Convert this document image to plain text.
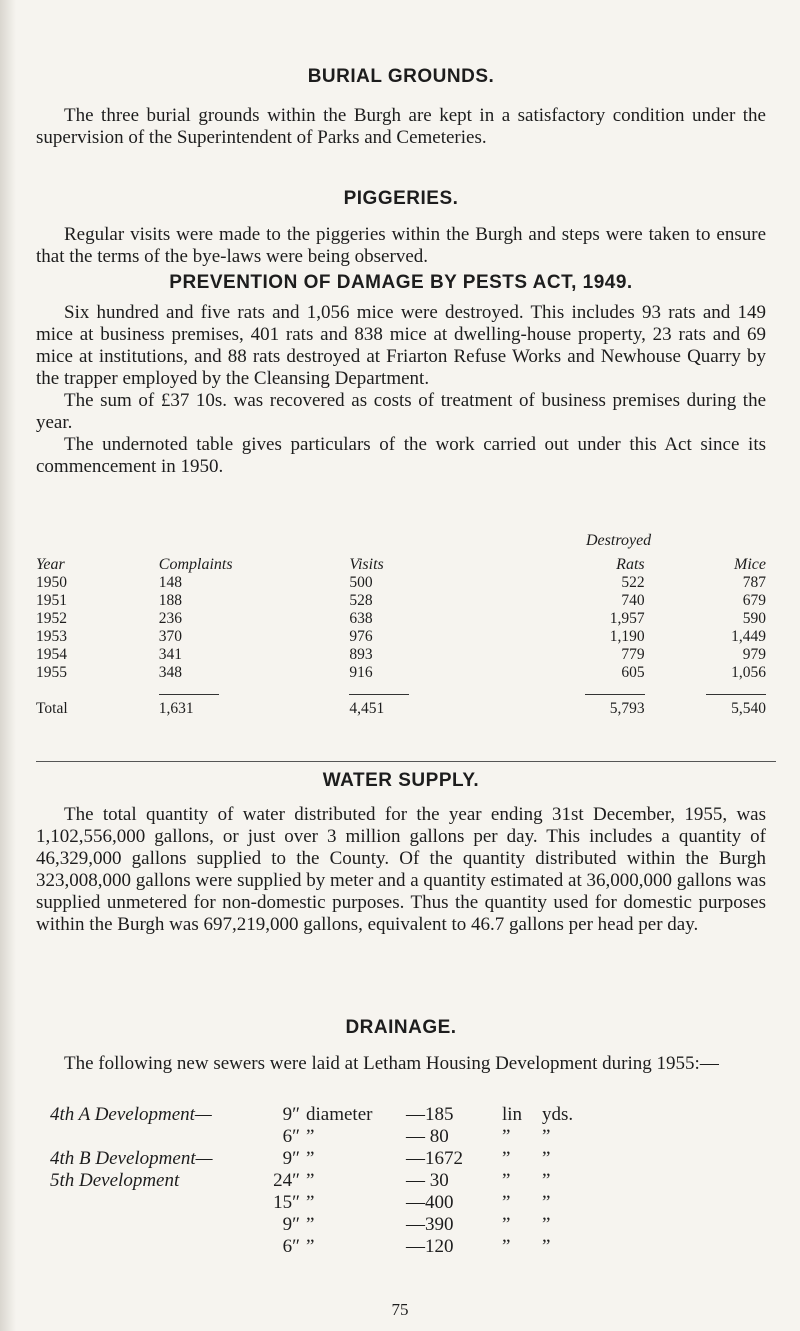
BURIAL GROUNDS.

The three burial grounds within the Burgh are kept in a satisfactory condition under the supervision of the Superintendent of Parks and Cemeteries.

PIGGERIES.

Regular visits were made to the piggeries within the Burgh and steps were taken to ensure that the terms of the bye-laws were being observed.

PREVENTION OF DAMAGE BY PESTS ACT, 1949.

Six hundred and five rats and 1,056 mice were destroyed. This includes 93 rats and 149 mice at business premises, 401 rats and 838 mice at dwelling-house property, 23 rats and 69 mice at institutions, and 88 rats destroyed at Friarton Refuse Works and Newhouse Quarry by the trapper employed by the Cleansing Department.

The sum of £37 10s. was recovered as costs of treatment of business premises during the year.

The undernoted table gives particulars of the work carried out under this Act since its commencement in 1950.

Destroyed
Year	Complaints	Visits	Rats	Mice
1950	148	500	522	787
1951	188	528	740	679
1952	236	638	1,957	590
1953	370	976	1,190	1,449
1954	341	893	779	979
1955	348	916	605	1,056

Total	1,631	4,451	5,793	5,540
WATER SUPPLY.

The total quantity of water distributed for the year ending 31st December, 1955, was 1,102,556,000 gallons, or just over 3 million gallons per day. This includes a quantity of 46,329,000 gallons supplied to the County. Of the quantity distributed within the Burgh 323,008,000 gallons were supplied by meter and a quantity estimated at 36,000,000 gallons was supplied unmetered for non-domestic purposes. Thus the quantity used for domestic purposes within the Burgh was 697,219,000 gallons, equivalent to 46.7 gallons per head per day.

DRAINAGE.

The following new sewers were laid at Letham Housing Development during 1955:—

4th A Development—	9″	diameter	—185	lin	yds.
	6″	”	— 80	”	”
4th B Development—	9″	”	—1672	”	”
5th Development	24″	”	— 30	”	”
	15″	”	—400	”	”
	9″	”	—390	”	”
	6″	”	—120	”	”
75
